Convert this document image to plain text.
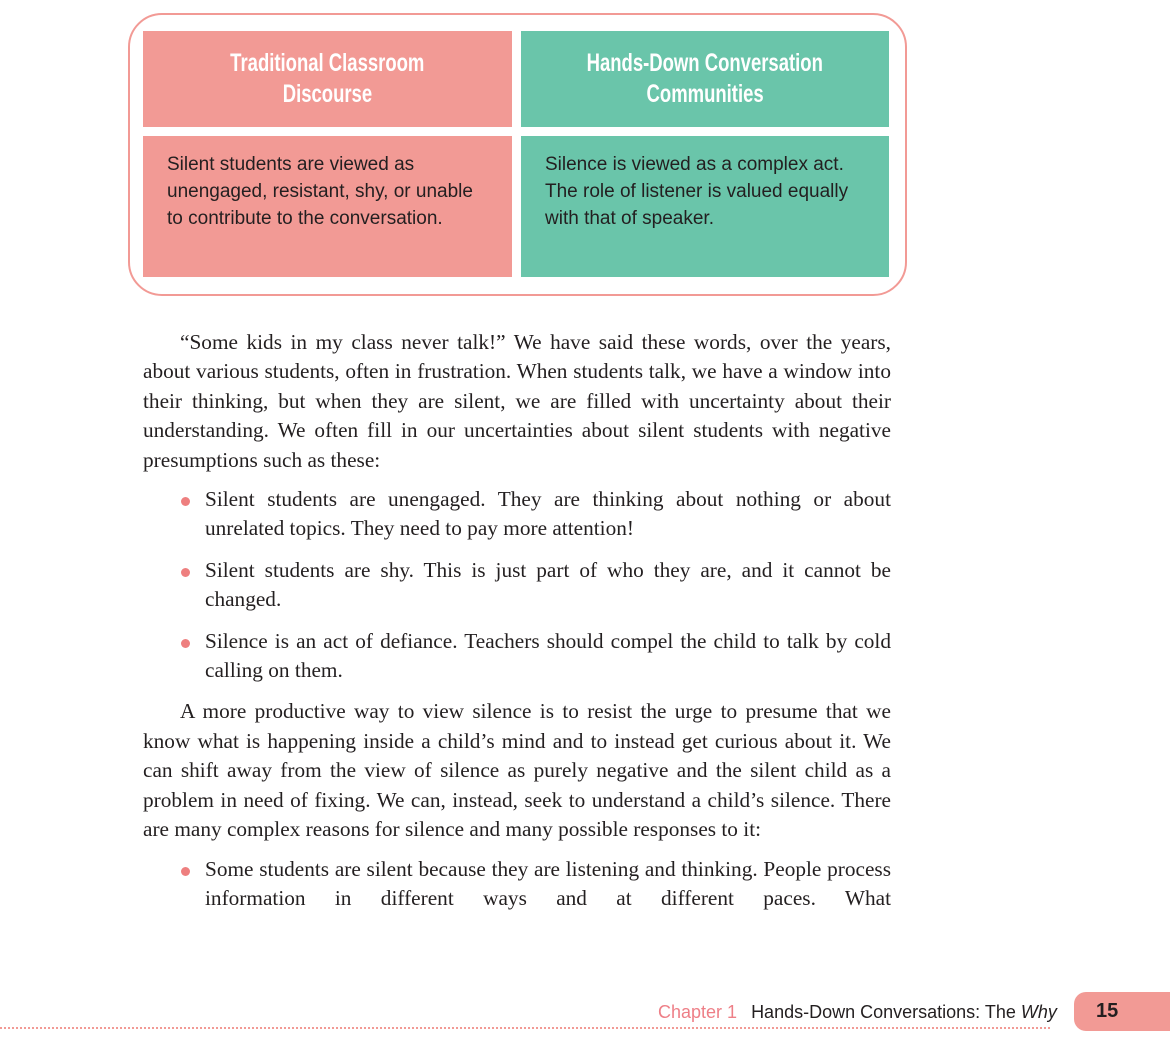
Traditional Classroom
Discourse
Hands-Down Conversation
Communities
Silent students are viewed as unengaged, resistant, shy, or unable to contribute to the conversation.
Silence is viewed as a complex act. The role of listener is valued equally with that of speaker.

“Some kids in my class never talk!” We have said these words, over the years, about various students, often in frustration. When students talk, we have a window into their thinking, but when they are silent, we are filled with uncertainty about their understanding. We often fill in our uncertainties about silent students with negative presumptions such as these:

Silent students are unengaged. They are thinking about nothing or about unrelated topics. They need to pay more attention!
Silent students are shy. This is just part of who they are, and it cannot be changed.
Silence is an act of defiance. Teachers should compel the child to talk by cold calling on them.

A more productive way to view silence is to resist the urge to presume that we know what is happening inside a child’s mind and to instead get curious about it. We can shift away from the view of silence as purely negative and the silent child as a problem in need of fixing. We can, instead, seek to understand a child’s silence. There are many complex reasons for silence and many possible responses to it:

Some students are silent because they are listening and thinking. People process information in different ways and at different paces. What
Chapter 1 Hands-Down Conversations: The Why	15
